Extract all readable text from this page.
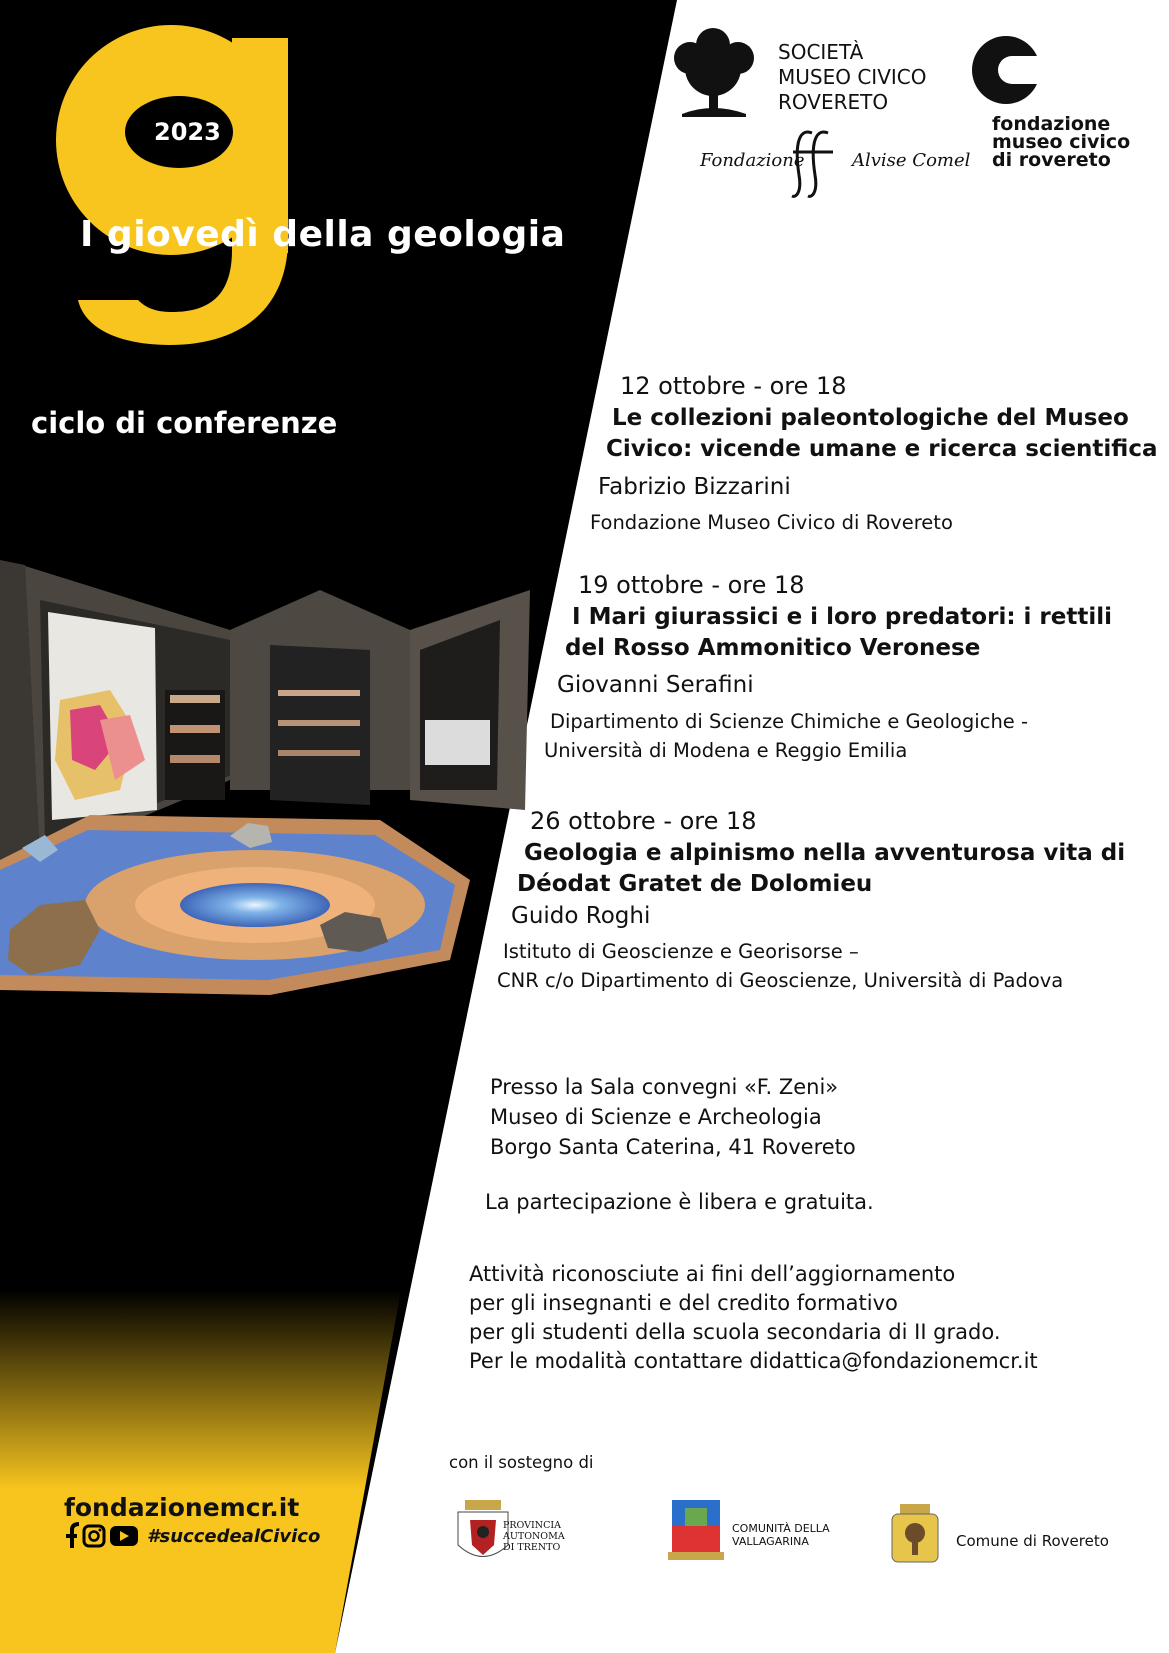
2023
I giovedì della geologia
ciclo di conferenze
SOCIETÀ
MUSEO CIVICO
ROVERETO
Fondazione	Alvise Comel
fondazione
museo civico
di rovereto
12 ottobre - ore 18
Le collezioni paleontologiche del Museo
Civico: vicende umane e ricerca scientifica
Fabrizio Bizzarini
Fondazione Museo Civico di Rovereto
19 ottobre - ore 18
I Mari giurassici e i loro predatori: i rettili
del Rosso Ammonitico Veronese
Giovanni Serafini
Dipartimento di Scienze Chimiche e Geologiche -
Università di Modena e Reggio Emilia
26 ottobre - ore 18
Geologia e alpinismo nella avventurosa vita di
Déodat Gratet de Dolomieu
Guido Roghi
Istituto di Geoscienze e Georisorse –
CNR c/o Dipartimento di Geoscienze, Università di Padova
Presso la Sala convegni «F. Zeni»
Museo di Scienze e Archeologia
Borgo Santa Caterina, 41 Rovereto
La partecipazione è libera e gratuita.
Attività riconosciute ai fini dell’aggiornamento
per gli insegnanti e del credito formativo
per gli studenti della scuola secondaria di II grado.
Per le modalità contattare didattica@fondazionemcr.it
con il sostegno di
fondazionemcr.it
#succedealCivico
PROVINCIA
AUTONOMA
DI TRENTO
COMUNITÀ DELLA
VALLAGARINA	Comune di Rovereto
